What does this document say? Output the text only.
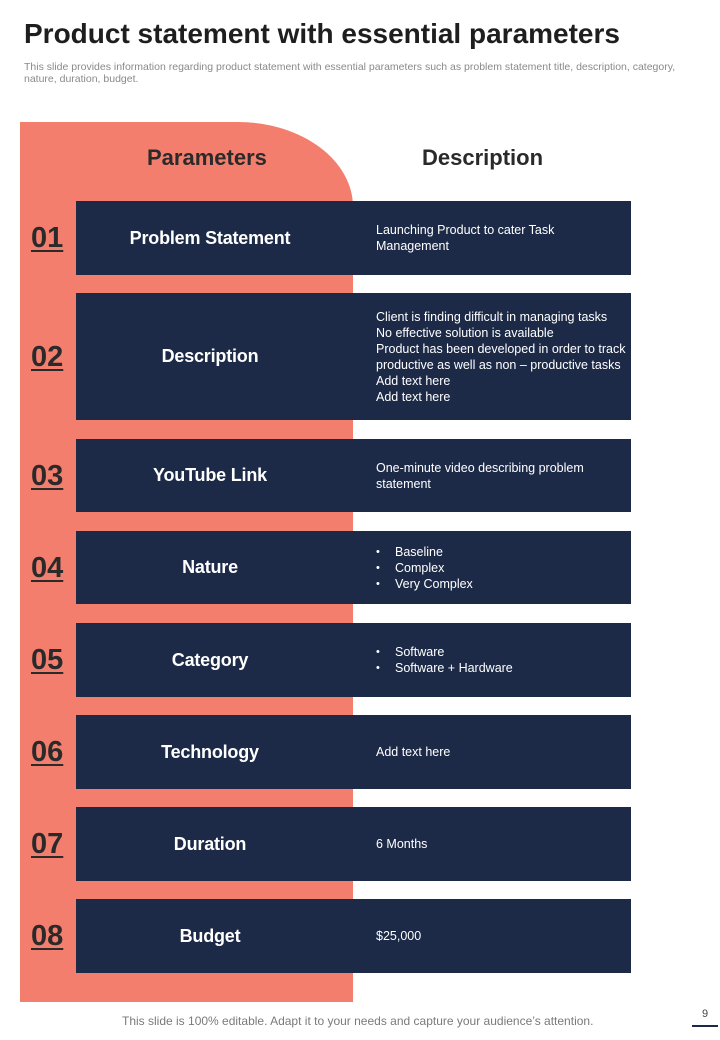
Product statement with essential parameters
This slide provides information regarding product statement with essential parameters such as problem statement title, description, category, nature, duration, budget.
Parameters	Description
01	Problem Statement	Launching Product to cater Task Management
02	Description
Client is finding difficult in managing tasks
No effective solution is available
Product has been developed in order to track productive as well as non – productive tasks
Add text here
Add text here
03	YouTube Link	One-minute video describing problem statement
04	Nature
• Baseline
• Complex
• Very Complex
05	Category
•	Software
• Software + Hardware
06	Technology	Add text here
07	Duration	6 Months
08	Budget	$25,000
This slide is 100% editable. Adapt it to your needs and capture your audience’s attention.	9
